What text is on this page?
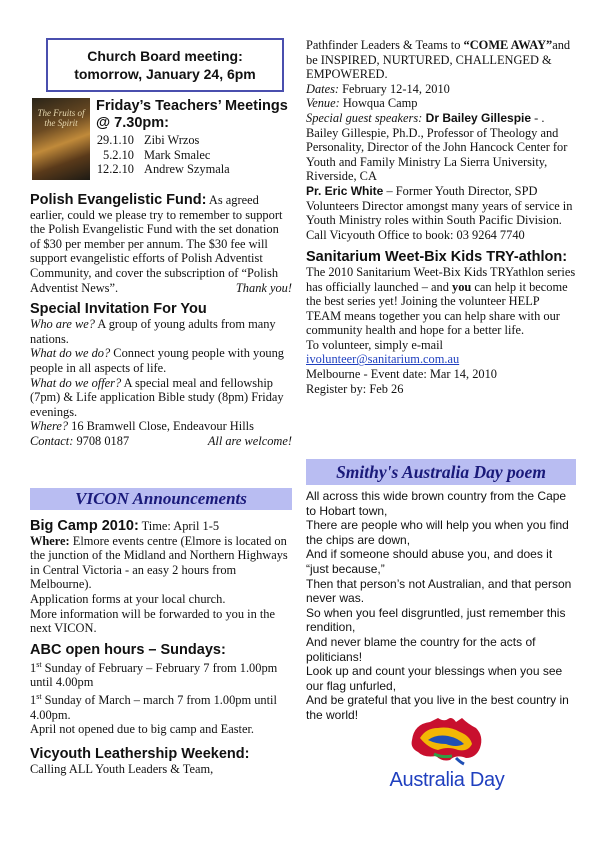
Church Board meeting:
tomorrow, January 24, 6pm
The Fruits of the Spirit
Friday’s Teachers’ Meetings @ 7.30pm:
29.1.10 Zibi Wrzos
5.2.10 Mark Smalec
12.2.10 Andrew Szymala
Polish Evangelistic Fund: As agreed earlier, could we please try to remember to support the Polish Evangelistic Fund with the set donation of $30 per member per annum. The $30 fee will support evangelistic efforts of Polish Adventist Community, and cover the subscription of “Polish Adventist News”.	Thank you!
Special Invitation For You

Who are we? A group of young adults from many nations.

What do we do? Connect young people with young people in all aspects of life.

What do we offer? A special meal and fellowship (7pm) & Life application Bible study (8pm) Friday evenings.

Where? 16 Bramwell Close, Endeavour Hills

Contact: 9708 0187	All are welcome!

VICON Announcements
Big Camp 2010: Time: April 1-5
Where: Elmore events centre (Elmore is located on the junction of the Midland and Northern Highways in Central Victoria - an easy 2 hours from Melbourne).
Application forms at your local church.
More information will be forwarded to you in the next VICON.
ABC open hours – Sundays:

1st Sunday of February – February 7 from 1.00pm until 4.00pm

1st Sunday of March – march 7 from 1.00pm until 4.00pm.

April not opened due to big camp and Easter.

Vicyouth Leathership Weekend:
Calling ALL Youth Leaders & Team,
Pathfinder Leaders & Teams to “COME AWAY”and be INSPIRED, NURTURED, CHALLENGED & EMPOWERED.
Dates: February 12-14, 2010
Venue: Howqua Camp
Special guest speakers: Dr Bailey Gillespie - . Bailey Gillespie, Ph.D., Professor of Theology and Personality, Director of the John Hancock Center for Youth and Family Ministry La Sierra University, Riverside, CA
Pr. Eric White – Former Youth Director, SPD Volunteers Director amongst many years of service in Youth Ministry roles within South Pacific Division. Call Vicyouth Office to book: 03 9264 7740
Sanitarium Weet-Bix Kids TRY-athlon: The 2010 Sanitarium Weet-Bix Kids TRYathlon series has officially launched – and you can help it become the best series yet! Joining the volunteer HELP TEAM means together you can help share with our community health and hope for a better life.
To volunteer, simply e-mail ivolunteer@sanitarium.com.au
Melbourne - Event date: Mar 14, 2010
Register by: Feb 26
Smithy's Australia Day poem

All across this wide brown country from the Cape to Hobart town,

There are people who will help you when you find the chips are down,

And if someone should abuse you, and does it “just because,”

Then that person’s not Australian, and that person never was.

So when you feel disgruntled, just remember this rendition,

And never blame the country for the acts of politicians!

Look up and count your blessings when you see our flag unfurled,

And be grateful that you live in the best country in the world!

Australia Day
